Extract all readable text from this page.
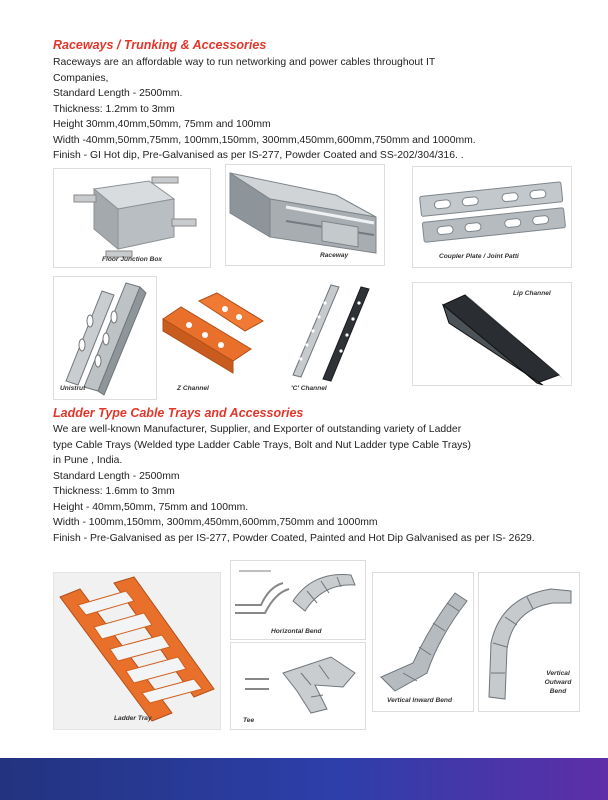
Raceways / Trunking & Accessories
Raceways are an affordable way to run networking and power cables throughout IT
Companies,
Standard Length - 2500mm.
Thickness: 1.2mm to 3mm
Height 30mm,40mm,50mm, 75mm and 100mm
Width -40mm,50mm,75mm, 100mm,150mm, 300mm,450mm,600mm,750mm and 1000mm.
Finish - GI Hot dip, Pre-Galvanised as per IS-277, Powder Coated and SS-202/304/316. .
Floor Junction Box
Raceway	Coupler Plate / Joint Patti
Unistrut	Z Channel	'C' Channel
Lip Channel
Ladder Type Cable Trays and Accessories
We are well-known Manufacturer, Supplier, and Exporter of outstanding variety of Ladder
type Cable Trays (Welded type Ladder Cable Trays, Bolt and Nut Ladder type Cable Trays)
in Pune , India.
Standard Length - 2500mm
Thickness: 1.6mm to 3mm
Height - 40mm,50mm, 75mm and 100mm.
Width - 100mm,150mm, 300mm,450mm,600mm,750mm and 1000mm
Finish - Pre-Galvanised as per IS-277, Powder Coated, Painted and Hot Dip Galvanised as per IS- 2629.
Ladder Tray
Horizontal Bend
Tee
Vertical Inward Bend
Vertical Outward Bend
